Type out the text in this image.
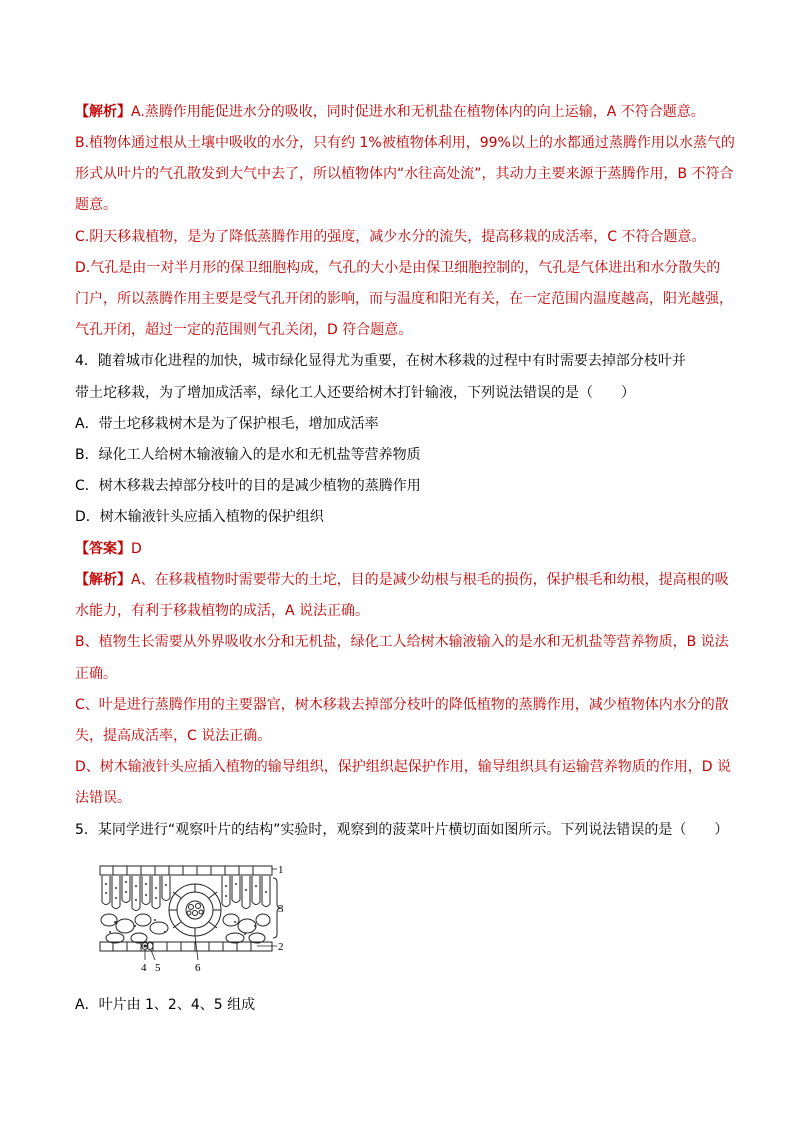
【解析】A.蒸腾作用能促进水分的吸收，同时促进水和无机盐在植物体内的向上运输，A 不符合题意。
B.植物体通过根从土壤中吸收的水分，只有约 1%被植物体利用，99%以上的水都通过蒸腾作用以水蒸气的
形式从叶片的气孔散发到大气中去了，所以植物体内“水往高处流”，其动力主要来源于蒸腾作用，B 不符合
题意。
C.阴天移栽植物，是为了降低蒸腾作用的强度，减少水分的流失，提高移栽的成活率，C 不符合题意。
D.气孔是由一对半月形的保卫细胞构成，气孔的大小是由保卫细胞控制的，气孔是气体进出和水分散失的
门户，所以蒸腾作用主要是受气孔开闭的影响，而与温度和阳光有关，在一定范围内温度越高，阳光越强，
气孔开闭，超过一定的范围则气孔关闭，D 符合题意。
4．随着城市化进程的加快，城市绿化显得尤为重要，在树木移栽的过程中有时需要去掉部分枝叶并
带土坨移栽，为了增加成活率，绿化工人还要给树木打针输液，下列说法错误的是（　　）
A．带土坨移栽树木是为了保护根毛，增加成活率
B．绿化工人给树木输液输入的是水和无机盐等营养物质
C．树木移栽去掉部分枝叶的目的是减少植物的蒸腾作用
D．树木输液针头应插入植物的保护组织
【答案】D
【解析】A、在移栽植物时需要带大的土坨，目的是减少幼根与根毛的损伤，保护根毛和幼根，提高根的吸
水能力，有利于移栽植物的成活，A 说法正确。
B、植物生长需要从外界吸收水分和无机盐，绿化工人给树木输液输入的是水和无机盐等营养物质，B 说法
正确。
C、叶是进行蒸腾作用的主要器官，树木移栽去掉部分枝叶的降低植物的蒸腾作用，减少植物体内水分的散
失，提高成活率，C 说法正确。
D、树木输液针头应插入植物的输导组织，保护组织起保护作用，输导组织具有运输营养物质的作用，D 说
法错误。
5．某同学进行“观察叶片的结构”实验时，观察到的菠菜叶片横切面如图所示。下列说法错误的是（　　）
1
3
2
4 5	6
A．叶片由 1、2、4、5 组成
